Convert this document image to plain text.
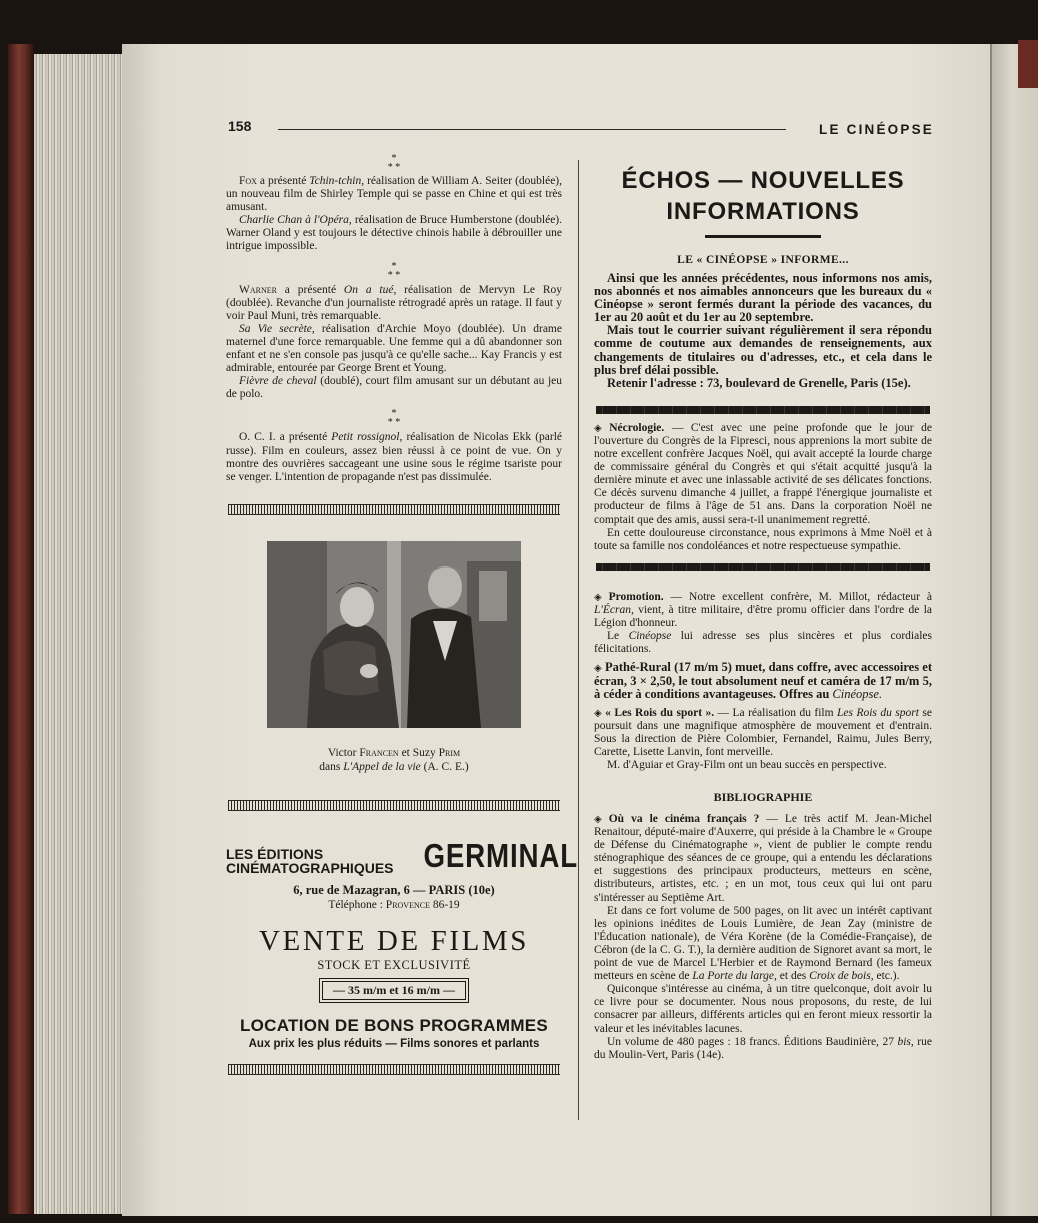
158	LE CINÉOPSE
*
* *

Fox a présenté Tchin-tchin, réalisation de William A. Seiter (doublée), un nouveau film de Shirley Temple qui se passe en Chine et qui est très amusant.

Charlie Chan à l'Opéra, réalisation de Bruce Humberstone (doublée). Warner Oland y est toujours le détective chinois habile à débrouiller une intrigue impossible.

*
* *

Warner a présenté On a tué, réalisation de Mervyn Le Roy (doublée). Revanche d'un journaliste rétrogradé après un ratage. Il faut y voir Paul Muni, très remarquable.

Sa Vie secrète, réalisation d'Archie Moyo (doublée). Un drame maternel d'une force remarquable. Une femme qui a dû abandonner son enfant et ne s'en console pas jusqu'à ce qu'elle sache... Kay Francis y est admirable, entourée par George Brent et Young.

Fièvre de cheval (doublé), court film amusant sur un débutant au jeu de polo.

*
* *

O. C. I. a présenté Petit rossignol, réalisation de Nicolas Ekk (parlé russe). Film en couleurs, assez bien réussi à ce point de vue. On y montre des ouvrières saccageant une usine sous le régime tsariste pour se venger. L'intention de propagande n'est pas dissimulée.

Victor Francen et Suzy Prim
dans L'Appel de la vie (A. C. E.)
LES ÉDITIONS
CINÉMATOGRAPHIQUES GERMINAL
6, rue de Mazagran, 6 — PARIS (10e)
Téléphone : Provence 86-19
VENTE DE FILMS
STOCK ET EXCLUSIVITÉ
— 35 m/m et 16 m/m —
LOCATION DE BONS PROGRAMMES
Aux prix les plus réduits — Films sonores et parlants
ÉCHOS — NOUVELLES
INFORMATIONS
LE « CINÉOPSE » INFORME...

Ainsi que les années précédentes, nous informons nos amis, nos abonnés et nos aimables annonceurs que les bureaux du « Cinéopse » seront fermés durant la période des vacances, du 1er au 20 août et du 1er au 20 septembre.

Mais tout le courrier suivant régulièrement il sera répondu comme de coutume aux demandes de renseignements, aux changements de titulaires ou d'adresses, etc., et cela dans le plus bref délai possible.

Retenir l'adresse : 73, boulevard de Grenelle, Paris (15e).

◈ Nécrologie. — C'est avec une peine profonde que le jour de l'ouverture du Congrès de la Fipresci, nous apprenions la mort subite de notre excellent confrère Jacques Noël, qui avait accepté la lourde charge de commissaire général du Congrès et qui s'était acquitté jusqu'à la dernière minute et avec une inlassable activité de ses délicates fonctions. Ce décès survenu dimanche 4 juillet, a frappé l'énergique journaliste et producteur de films à l'âge de 51 ans. Dans la corporation Noël ne comptait que des amis, aussi sera-t-il unanimement regretté.

En cette douloureuse circonstance, nous exprimons à Mme Noël et à toute sa famille nos condoléances et notre respectueuse sympathie.

◈ Promotion. — Notre excellent confrère, M. Millot, rédacteur à L'Écran, vient, à titre militaire, d'être promu officier dans l'ordre de la Légion d'honneur.

Le Cinéopse lui adresse ses plus sincères et plus cordiales félicitations.

◈ Pathé-Rural (17 m/m 5) muet, dans coffre, avec accessoires et écran, 3 × 2,50, le tout absolument neuf et caméra de 17 m/m 5, à céder à conditions avantageuses. Offres au Cinéopse.

◈ « Les Rois du sport ». — La réalisation du film Les Rois du sport se poursuit dans une magnifique atmosphère de mouvement et d'entrain. Sous la direction de Pière Colombier, Fernandel, Raimu, Jules Berry, Carette, Lisette Lanvin, font merveille.

M. d'Aguiar et Gray-Film ont un beau succès en perspective.

BIBLIOGRAPHIE

◈ Où va le cinéma français ? — Le très actif M. Jean-Michel Renaitour, député-maire d'Auxerre, qui préside à la Chambre le « Groupe de Défense du Cinématographe », vient de publier le compte rendu sténographique des séances de ce groupe, qui a entendu les déclarations et suggestions des principaux producteurs, metteurs en scène, distributeurs, artistes, etc. ; en un mot, tous ceux qui lui ont paru s'intéresser au Septième Art.

Et dans ce fort volume de 500 pages, on lit avec un intérêt captivant les opinions inédites de Louis Lumière, de Jean Zay (ministre de l'Éducation nationale), de Véra Korène (de la Comédie-Française), de Cébron (de la C. G. T.), la dernière audition de Signoret avant sa mort, le point de vue de Marcel L'Herbier et de Raymond Bernard (les fameux metteurs en scène de La Porte du large, et des Croix de bois, etc.).

Quiconque s'intéresse au cinéma, à un titre quelconque, doit avoir lu ce livre pour se documenter. Nous nous proposons, du reste, de lui consacrer par ailleurs, différents articles qui en feront mieux ressortir la valeur et les inévitables lacunes.

Un volume de 480 pages : 18 francs. Éditions Baudinière, 27 bis, rue du Moulin-Vert, Paris (14e).
